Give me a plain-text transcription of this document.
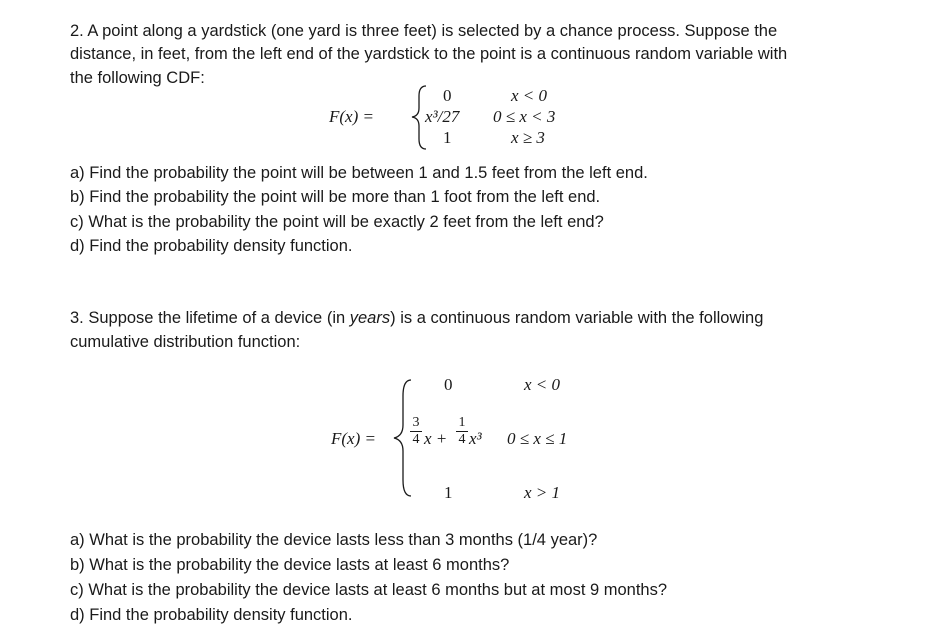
2. A point along a yardstick (one yard is three feet) is selected by a chance process. Suppose the
distance, in feet, from the left end of the yardstick to the point is a continuous random variable with
the following CDF:
F(x) =
0	x < 0
x³/27 0 ≤ x < 3
1	x ≥ 3
a) Find the probability the point will be between 1 and 1.5 feet from the left end.
b) Find the probability the point will be more than 1 foot from the left end.
c) What is the probability the point will be exactly 2 feet from the left end?
d) Find the probability density function.
3. Suppose the lifetime of a device (in years) is a continuous random variable with the following
cumulative distribution function:
F(x) =
0	x < 0
3
4 x +
1
4 x³ 0 ≤ x ≤ 1
1	x > 1
a) What is the probability the device lasts less than 3 months (1/4 year)?
b) What is the probability the device lasts at least 6 months?
c) What is the probability the device lasts at least 6 months but at most 9 months?
d) Find the probability density function.
